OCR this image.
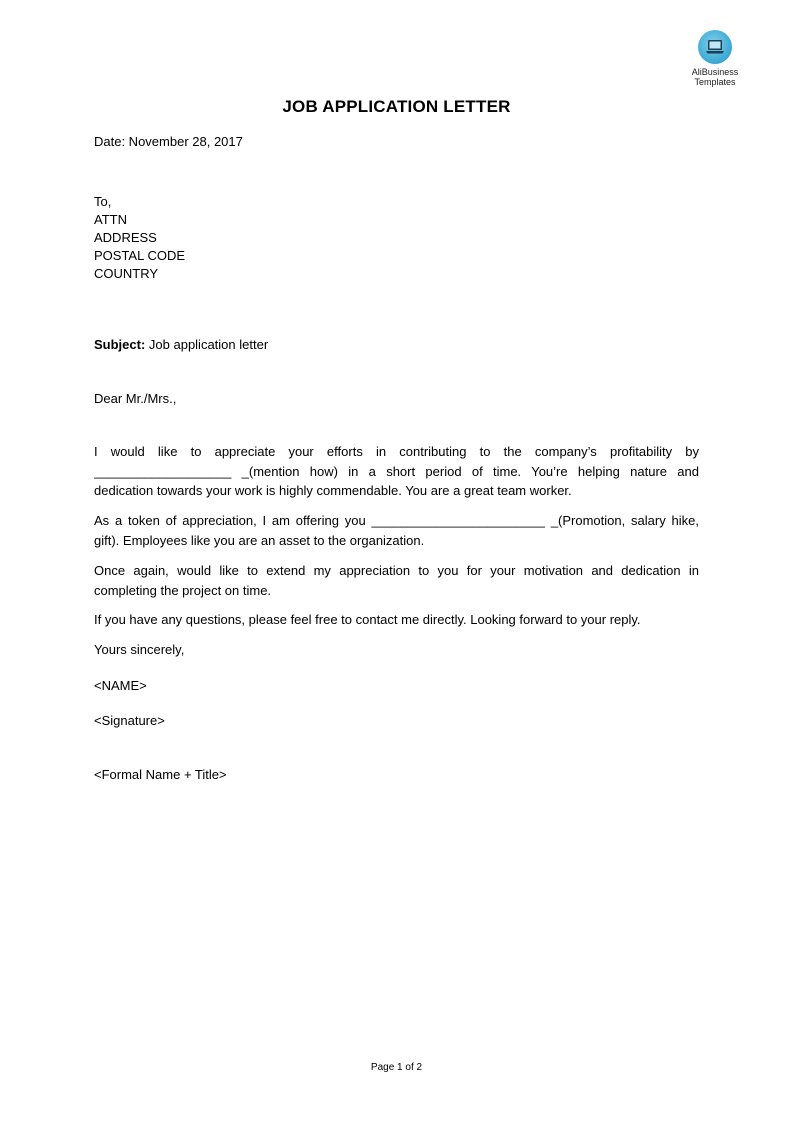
AliBusiness
Templates
JOB APPLICATION LETTER
Date: November 28, 2017
To,
ATTN
ADDRESS
POSTAL CODE
COUNTRY
Subject: Job application letter
Dear Mr./Mrs.,
I would like to appreciate your efforts in contributing to the company’s profitability by
___________________ _(mention how) in a short period of time. You’re helping nature and
dedication towards your work is highly commendable. You are a great team worker.
As a token of appreciation, I am offering you ________________________ _(Promotion, salary hike,
gift). Employees like you are an asset to the organization.
Once again, would like to extend my appreciation to you for your motivation and dedication in
completing the project on time.
If you have any questions, please feel free to contact me directly. Looking forward to your reply.
Yours sincerely,
<NAME>
<Signature>
<Formal Name + Title>
Page 1 of 2
